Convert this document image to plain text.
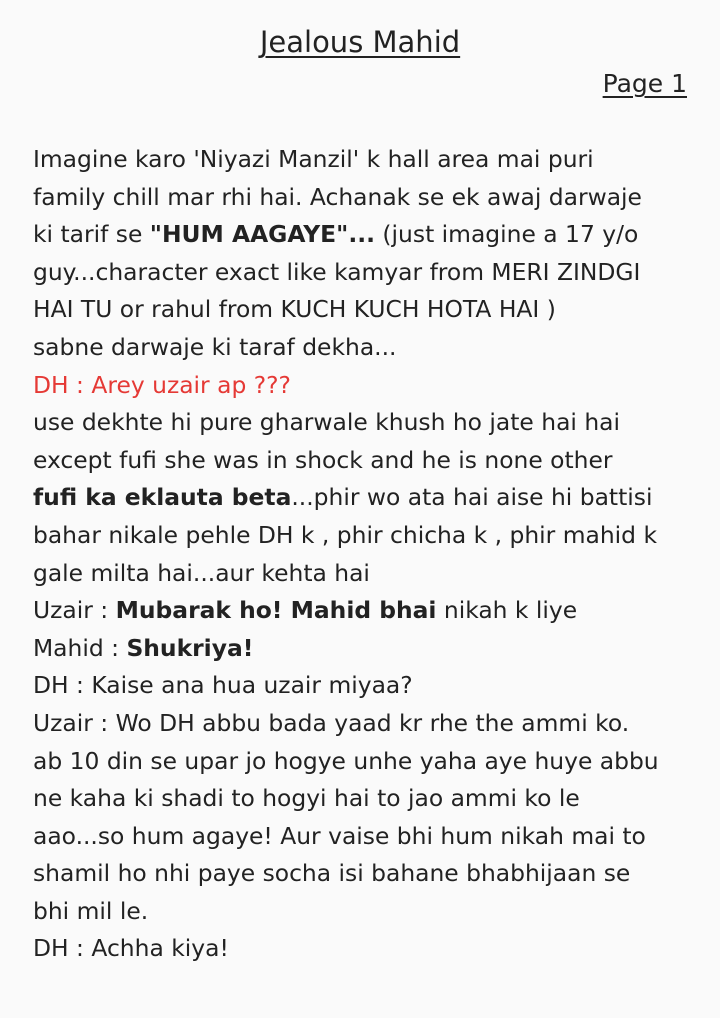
Jealous Mahid
Page 1
Imagine karo 'Niyazi Manzil' k hall area mai puri
family chill mar rhi hai. Achanak se ek awaj darwaje
ki tarif se "HUM AAGAYE"... (just imagine a 17 y/o
guy...character exact like kamyar from MERI ZINDGI
HAI TU or rahul from KUCH KUCH HOTA HAI )
sabne darwaje ki taraf dekha...
DH : Arey uzair ap ???
use dekhte hi pure gharwale khush ho jate hai hai
except fufi she was in shock and he is none other
fufi ka eklauta beta...phir wo ata hai aise hi battisi
bahar nikale pehle DH k , phir chicha k , phir mahid k
gale milta hai...aur kehta hai
Uzair : Mubarak ho! Mahid bhai nikah k liye
Mahid : Shukriya!
DH : Kaise ana hua uzair miyaa?
Uzair : Wo DH abbu bada yaad kr rhe the ammi ko.
ab 10 din se upar jo hogye unhe yaha aye huye abbu
ne kaha ki shadi to hogyi hai to jao ammi ko le
aao...so hum agaye! Aur vaise bhi hum nikah mai to
shamil ho nhi paye socha isi bahane bhabhijaan se
bhi mil le.
DH : Achha kiya!
